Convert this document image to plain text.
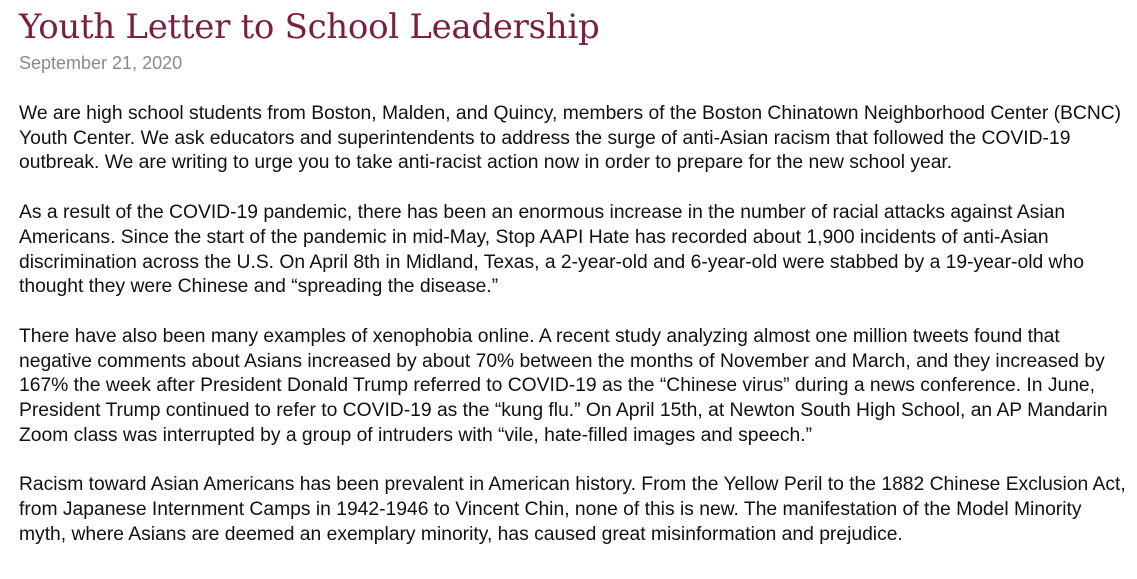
Youth Letter to School Leadership
September 21, 2020

We are high school students from Boston, Malden, and Quincy, members of the Boston Chinatown Neighborhood Center (BCNC) Youth Center. We ask educators and superintendents to address the surge of anti-Asian racism that followed the COVID-19 outbreak. We are writing to urge you to take anti-racist action now in order to prepare for the new school year.

As a result of the COVID-19 pandemic, there has been an enormous increase in the number of racial attacks against Asian Americans. Since the start of the pandemic in mid-May, Stop AAPI Hate has recorded about 1,900 incidents of anti-Asian discrimination across the U.S. On April 8th in Midland, Texas, a 2-year-old and 6-year-old were stabbed by a 19-year-old who thought they were Chinese and “spreading the disease.”

There have also been many examples of xenophobia online. A recent study analyzing almost one million tweets found that negative comments about Asians increased by about 70% between the months of November and March, and they increased by 167% the week after President Donald Trump referred to COVID-19 as the “Chinese virus” during a news conference. In June, President Trump continued to refer to COVID-19 as the “kung flu.” On April 15th, at Newton South High School, an AP Mandarin Zoom class was interrupted by a group of intruders with “vile, hate-filled images and speech.”

Racism toward Asian Americans has been prevalent in American history. From the Yellow Peril to the 1882 Chinese Exclusion Act, from Japanese Internment Camps in 1942-1946 to Vincent Chin, none of this is new. The manifestation of the Model Minority myth, where Asians are deemed an exemplary minority, has caused great misinformation and prejudice.
